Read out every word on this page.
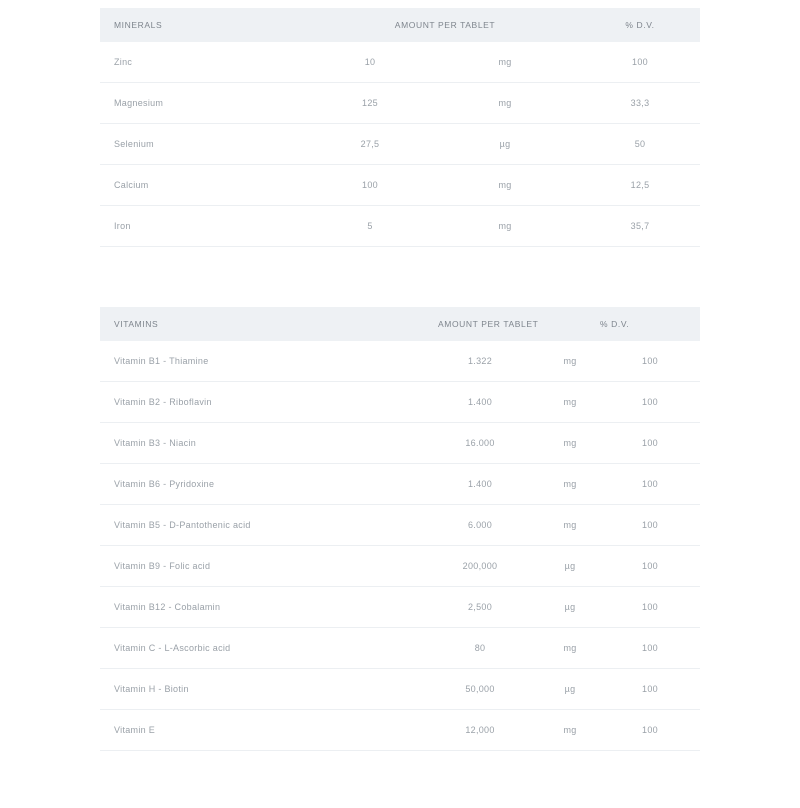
MINERALS	AMOUNT PER TABLET		% D.V.
Zinc	10	mg	100
Magnesium	125	mg	33,3
Selenium	27,5	µg	50
Calcium	100	mg	12,5
Iron	5	mg	35,7
VITAMINS	AMOUNT PER TABLET		% D.V.
Vitamin B1 - Thiamine	1.322	mg	100
Vitamin B2 - Riboflavin	1.400	mg	100
Vitamin B3 - Niacin	16.000	mg	100
Vitamin B6 - Pyridoxine	1.400	mg	100
Vitamin B5 - D-Pantothenic acid	6.000	mg	100
Vitamin B9 - Folic acid	200,000	µg	100
Vitamin B12 - Cobalamin	2,500	µg	100
Vitamin C - L-Ascorbic acid	80	mg	100
Vitamin H - Biotin	50,000	µg	100
Vitamin E	12,000	mg	100
